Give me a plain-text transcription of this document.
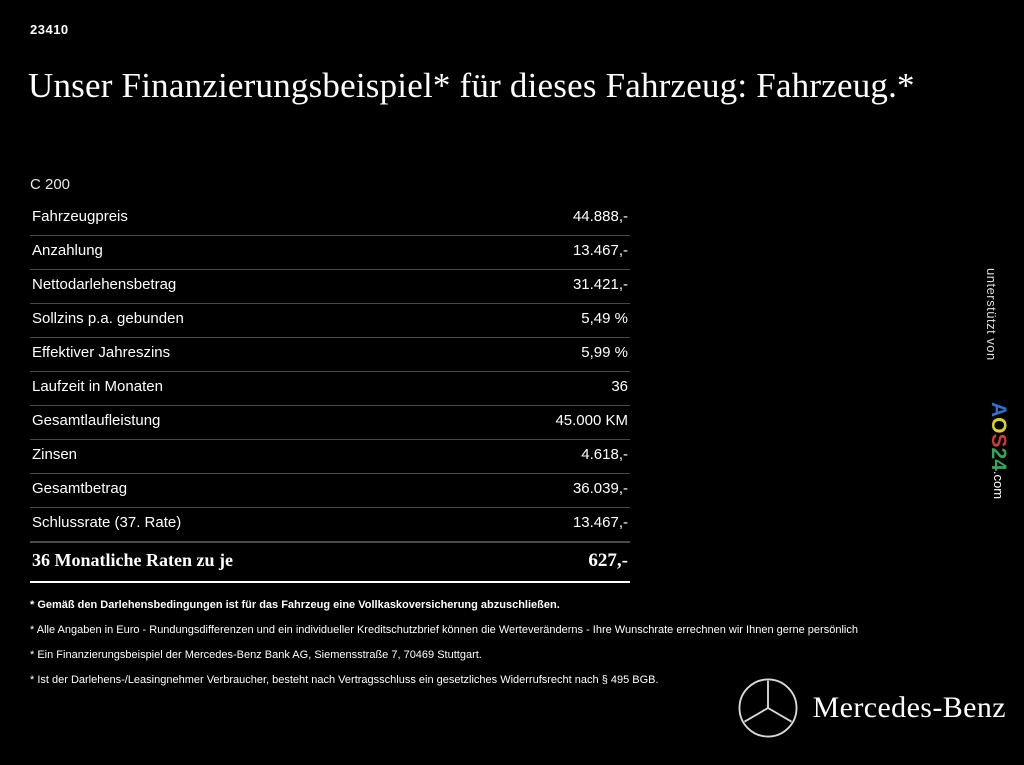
23410
Unser Finanzierungsbeispiel* für dieses Fahrzeug: Fahrzeug.*
C 200
Fahrzeugpreis	44.888,-
Anzahlung	13.467,-
Nettodarlehensbetrag	31.421,-
Sollzins p.a. gebunden	5,49 %
Effektiver Jahreszins	5,99 %
Laufzeit in Monaten	36
Gesamtlaufleistung	45.000 KM
Zinsen	4.618,-
Gesamtbetrag	36.039,-
Schlussrate (37. Rate)	13.467,-
36 Monatliche Raten zu je	627,-
* Gemäß den Darlehensbedingungen ist für das Fahrzeug eine Vollkaskoversicherung abzuschließen.
* Alle Angaben in Euro - Rundungsdifferenzen und ein individueller Kreditschutzbrief können die Werteveränderns - Ihre Wunschrate errechnen wir Ihnen gerne persönlich
* Ein Finanzierungsbeispiel der Mercedes-Benz Bank AG, Siemensstraße 7, 70469 Stuttgart.
* Ist der Darlehens-/Leasingnehmer Verbraucher, besteht nach Vertragsschluss ein gesetzliches Widerrufsrecht nach § 495 BGB.
unterstützt von
AOS24.com
Mercedes-Benz
